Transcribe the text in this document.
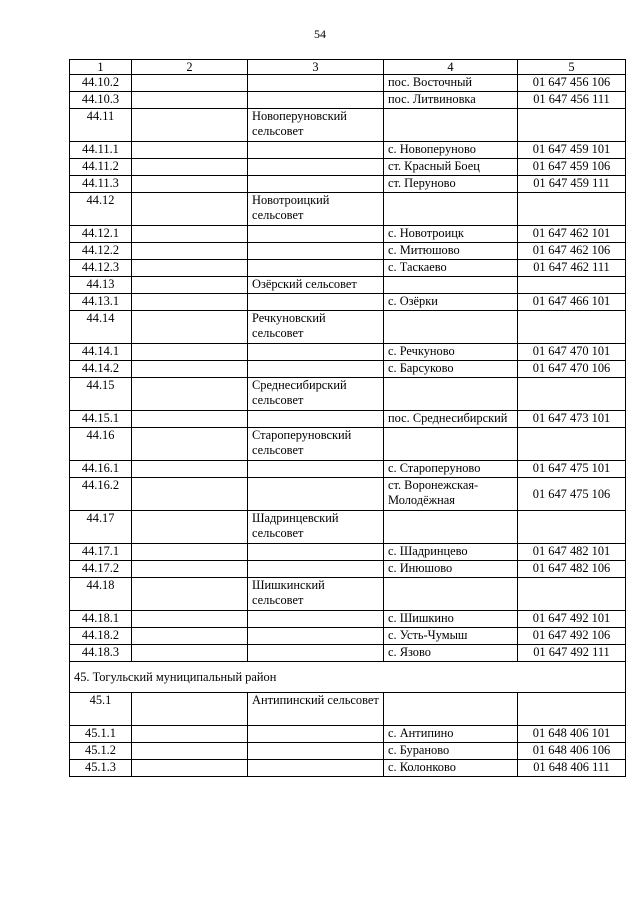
54
1	2	3	4	5
44.10.2			пос. Восточный	01 647 456 106
44.10.3			пос. Литвиновка	01 647 456 111
44.11		Новоперуновский сельсовет		
44.11.1			с. Новоперуново	01 647 459 101
44.11.2			ст. Красный Боец	01 647 459 106
44.11.3			ст. Перуново	01 647 459 111
44.12		Новотроицкий сельсовет		
44.12.1			с. Новотроицк	01 647 462 101
44.12.2			с. Митюшово	01 647 462 106
44.12.3			с. Таскаево	01 647 462 111
44.13		Озёрский сельсовет		
44.13.1			с. Озёрки	01 647 466 101
44.14		Речкуновский сельсовет		
44.14.1			с. Речкуново	01 647 470 101
44.14.2			с. Барсуково	01 647 470 106
44.15		Среднесибирский сельсовет		
44.15.1			пос. Среднесибирский	01 647 473 101
44.16		Староперуновский сельсовет		
44.16.1			с. Староперуново	01 647 475 101
44.16.2			ст. Воронежская-Молодёжная	01 647 475 106
44.17		Шадринцевский сельсовет		
44.17.1			с. Шадринцево	01 647 482 101
44.17.2			с. Инюшово	01 647 482 106
44.18		Шишкинский сельсовет		
44.18.1			с. Шишкино	01 647 492 101
44.18.2			с. Усть-Чумыш	01 647 492 106
44.18.3			с. Язово	01 647 492 111
45. Тогульский муниципальный район				
45.1		Антипинский сельсовет		
45.1.1			с. Антипино	01 648 406 101
45.1.2			с. Бураново	01 648 406 106
45.1.3			с. Колонково	01 648 406 111
